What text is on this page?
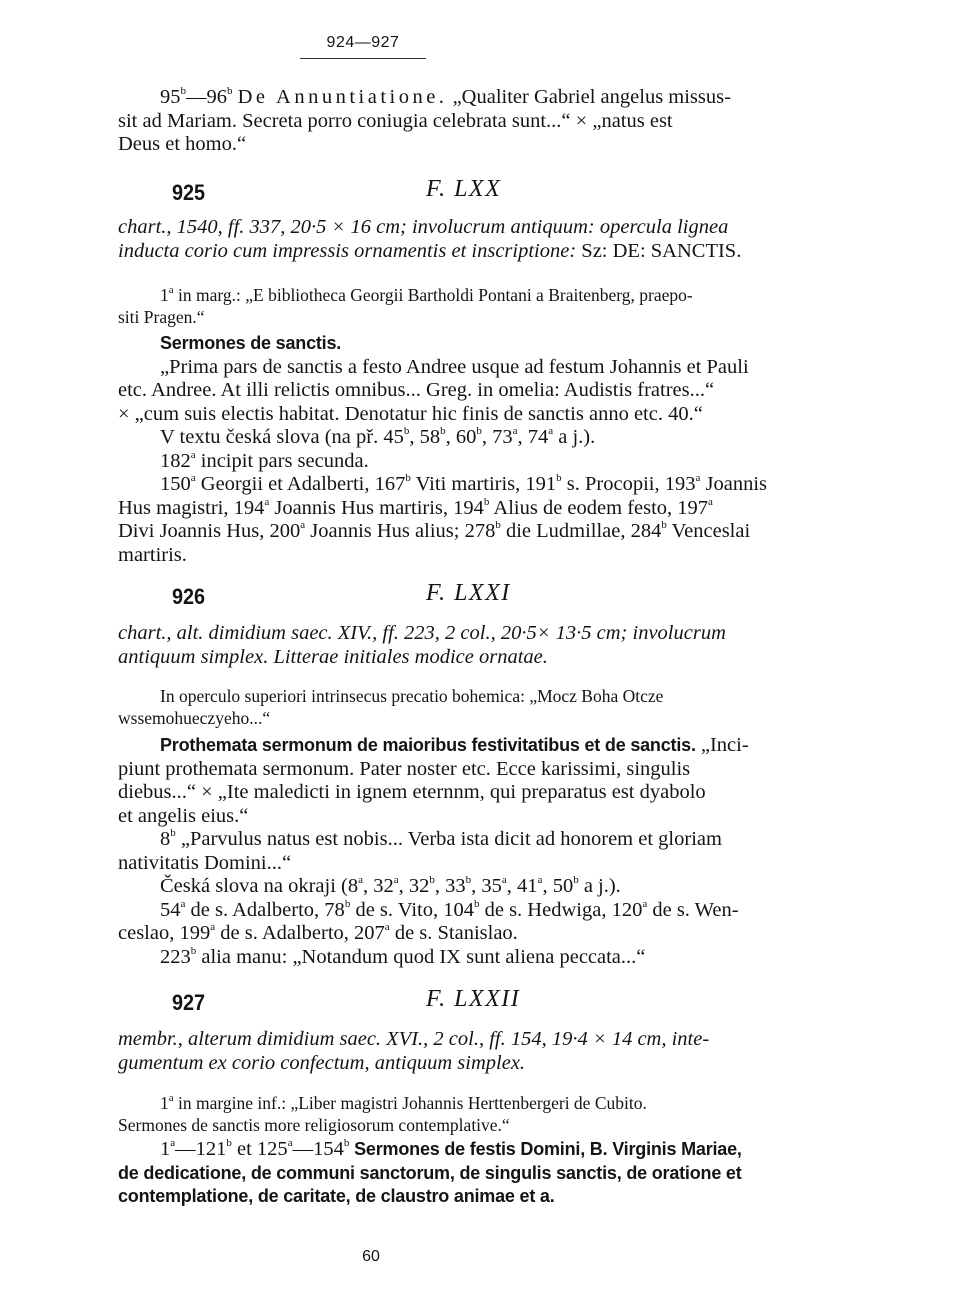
924—927
95$^b$—96$^b$ De Annuntiatione. „Qualiter Gabriel angelus missus-
sit ad Mariam. Secreta porro coniugia celebrata sunt...“ × „natus est
Deus et homo.“
925	F. LXX
chart., 1540, ff. 337, 20·5 × 16 cm; involucrum antiquum: opercula lignea
inducta corio cum impressis ornamentis et inscriptione: Sz: DE: SANCTIS.
1$^a$ in marg.: „E bibliotheca Georgii Bartholdi Pontani a Braitenberg, praepo-
siti Pragen.“
Sermones de sanctis.
„Prima pars de sanctis a festo Andree usque ad festum Johannis et Pauli
etc. Andree. At illi relictis omnibus... Greg. in omelia: Audistis fratres...“
× „cum suis electis habitat. Denotatur hic finis de sanctis anno etc. 40.“
V textu česká slova (na př. 45$^b$, 58$^b$, 60$^b$, 73$^a$, 74$^a$ a j.).
182$^a$ incipit pars secunda.
150$^a$ Georgii et Adalberti, 167$^b$ Viti martiris, 191$^b$ s. Procopii, 193$^a$ Joannis
Hus magistri, 194$^a$ Joannis Hus martiris, 194$^b$ Alius de eodem festo, 197$^a$
Divi Joannis Hus, 200$^a$ Joannis Hus alius; 278$^b$ die Ludmillae, 284$^b$ Venceslai
martiris.
926	F. LXXI
chart., alt. dimidium saec. XIV., ff. 223, 2 col., 20·5× 13·5 cm; involucrum
antiquum simplex. Litterae initiales modice ornatae.
In operculo superiori intrinsecus precatio bohemica: „Mocz Boha Otcze
wssemohueczyeho...“
Prothemata sermonum de maioribus festivitatibus et de sanctis. „Inci-
piunt prothemata sermonum. Pater noster etc. Ecce karissimi, singulis
diebus...“ × „Ite maledicti in ignem eternnm, qui preparatus est dyabolo
et angelis eius.“
8$^b$ „Parvulus natus est nobis... Verba ista dicit ad honorem et gloriam
nativitatis Domini...“
Česká slova na okraji (8$^a$, 32$^a$, 32$^b$, 33$^b$, 35$^a$, 41$^a$, 50$^b$ a j.).
54$^a$ de s. Adalberto, 78$^b$ de s. Vito, 104$^b$ de s. Hedwiga, 120$^a$ de s. Wen-
ceslao, 199$^a$ de s. Adalberto, 207$^a$ de s. Stanislao.
223$^b$ alia manu: „Notandum quod IX sunt aliena peccata...“
927	F. LXXII
membr., alterum dimidium saec. XVI., 2 col., ff. 154, 19·4 × 14 cm, inte-
gumentum ex corio confectum, antiquum simplex.
1$^a$ in margine inf.: „Liber magistri Johannis Herttenbergeri de Cubito.
Sermones de sanctis more religiosorum contemplative.“
1$^a$—121$^b$ et 125$^a$—154$^b$ Sermones de festis Domini, B. Virginis Mariae,
de dedicatione, de communi sanctorum, de singulis sanctis, de oratione et
contemplatione, de caritate, de claustro animae et a.
60
